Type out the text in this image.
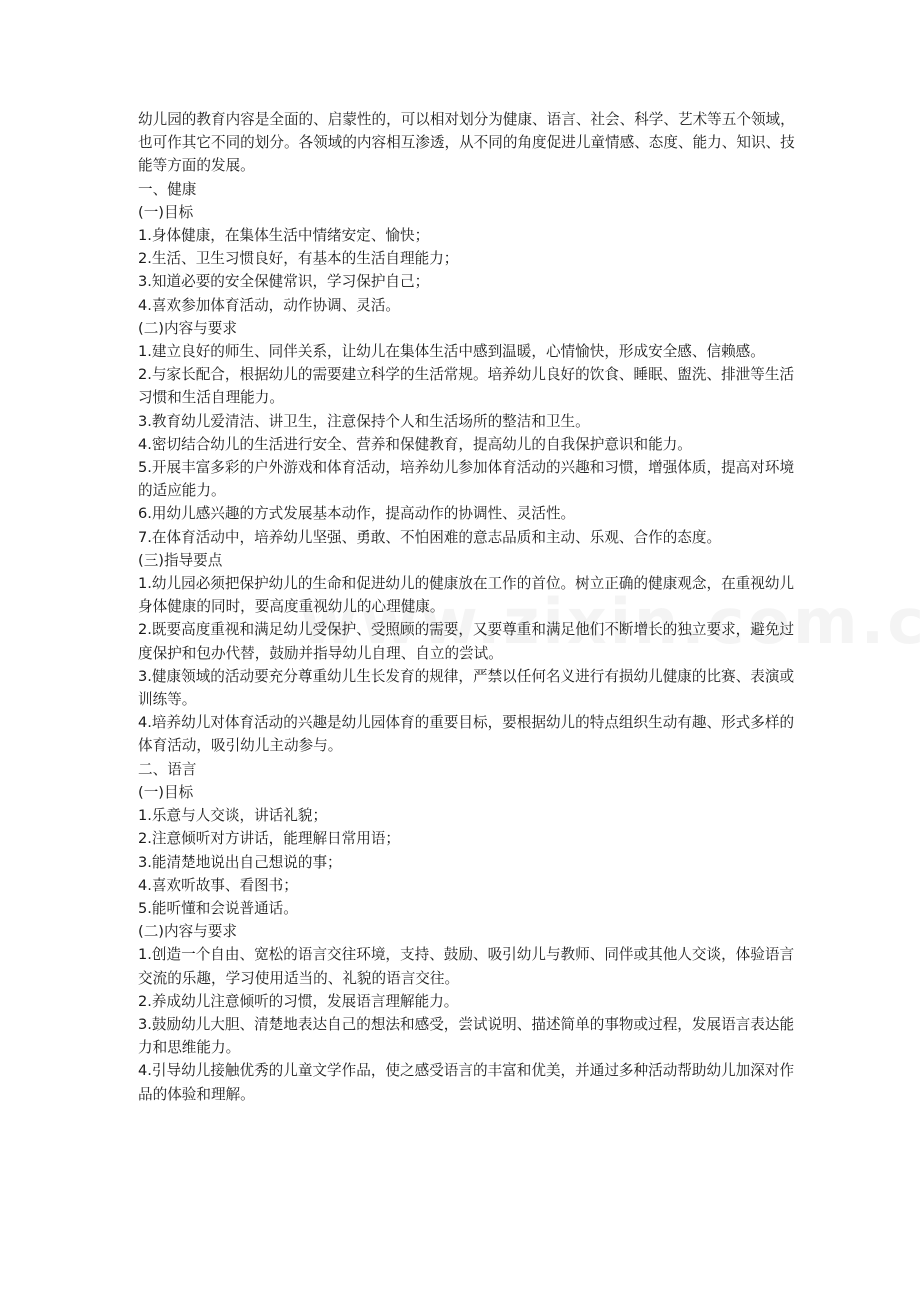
幼儿园的教育内容是全面的、启蒙性的，可以相对划分为健康、语言、社会、科学、艺术等五个领域，也可作其它不同的划分。各领域的内容相互渗透，从不同的角度促进儿童情感、态度、能力、知识、技能等方面的发展。

一、健康

(一)目标

1.身体健康，在集体生活中情绪安定、愉快；

2.生活、卫生习惯良好，有基本的生活自理能力；

3.知道必要的安全保健常识，学习保护自己；

4.喜欢参加体育活动，动作协调、灵活。

(二)内容与要求

1.建立良好的师生、同伴关系，让幼儿在集体生活中感到温暖，心情愉快，形成安全感、信赖感。

2.与家长配合，根据幼儿的需要建立科学的生活常规。培养幼儿良好的饮食、睡眠、盥洗、排泄等生活习惯和生活自理能力。

3.教育幼儿爱清洁、讲卫生，注意保持个人和生活场所的整洁和卫生。

4.密切结合幼儿的生活进行安全、营养和保健教育，提高幼儿的自我保护意识和能力。

5.开展丰富多彩的户外游戏和体育活动，培养幼儿参加体育活动的兴趣和习惯，增强体质，提高对环境的适应能力。

6.用幼儿感兴趣的方式发展基本动作，提高动作的协调性、灵活性。

7.在体育活动中，培养幼儿坚强、勇敢、不怕困难的意志品质和主动、乐观、合作的态度。

(三)指导要点

1.幼儿园必须把保护幼儿的生命和促进幼儿的健康放在工作的首位。树立正确的健康观念，在重视幼儿身体健康的同时，要高度重视幼儿的心理健康。

2.既要高度重视和满足幼儿受保护、受照顾的需要，又要尊重和满足他们不断增长的独立要求，避免过度保护和包办代替，鼓励并指导幼儿自理、自立的尝试。

3.健康领域的活动要充分尊重幼儿生长发育的规律，严禁以任何名义进行有损幼儿健康的比赛、表演或训练等。

4.培养幼儿对体育活动的兴趣是幼儿园体育的重要目标，要根据幼儿的特点组织生动有趣、形式多样的体育活动，吸引幼儿主动参与。

二、语言

(一)目标

1.乐意与人交谈，讲话礼貌；

2.注意倾听对方讲话，能理解日常用语；

3.能清楚地说出自己想说的事；

4.喜欢听故事、看图书；

5.能听懂和会说普通话。

(二)内容与要求

1.创造一个自由、宽松的语言交往环境，支持、鼓励、吸引幼儿与教师、同伴或其他人交谈，体验语言交流的乐趣，学习使用适当的、礼貌的语言交往。

2.养成幼儿注意倾听的习惯，发展语言理解能力。

3.鼓励幼儿大胆、清楚地表达自己的想法和感受，尝试说明、描述简单的事物或过程，发展语言表达能力和思维能力。

4.引导幼儿接触优秀的儿童文学作品，使之感受语言的丰富和优美，并通过多种活动帮助幼儿加深对作品的体验和理解。
